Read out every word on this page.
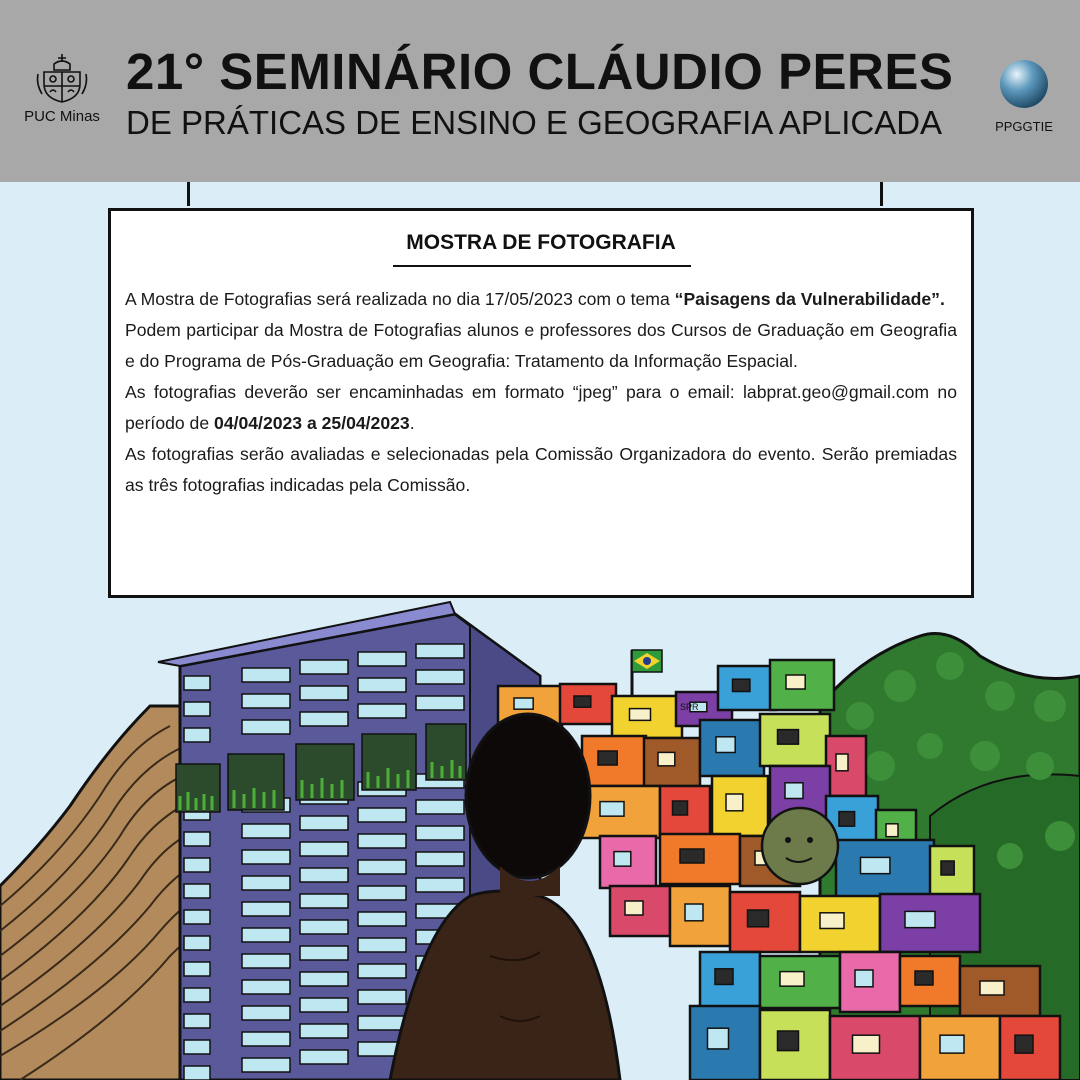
PUC Minas
21° SEMINÁRIO CLÁUDIO PERES
DE PRÁTICAS DE ENSINO E GEOGRAFIA APLICADA	PPGGTIE
MOSTRA DE FOTOGRAFIA

A Mostra de Fotografias será realizada no dia 17/05/2023 com o tema “Paisagens da Vulnerabilidade”.

Podem participar da Mostra de Fotografias alunos e professores dos Cursos de Graduação em Geografia e do Programa de Pós-Graduação em Geografia: Tratamento da Informação Espacial.

As fotografias deverão ser encaminhadas em formato “jpeg” para o email: labprat.geo@gmail.com no período de 04/04/2023 a 25/04/2023.

As fotografias serão avaliadas e selecionadas pela Comissão Organizadora do evento. Serão premiadas as três fotografias indicadas pela Comissão.

SPR
